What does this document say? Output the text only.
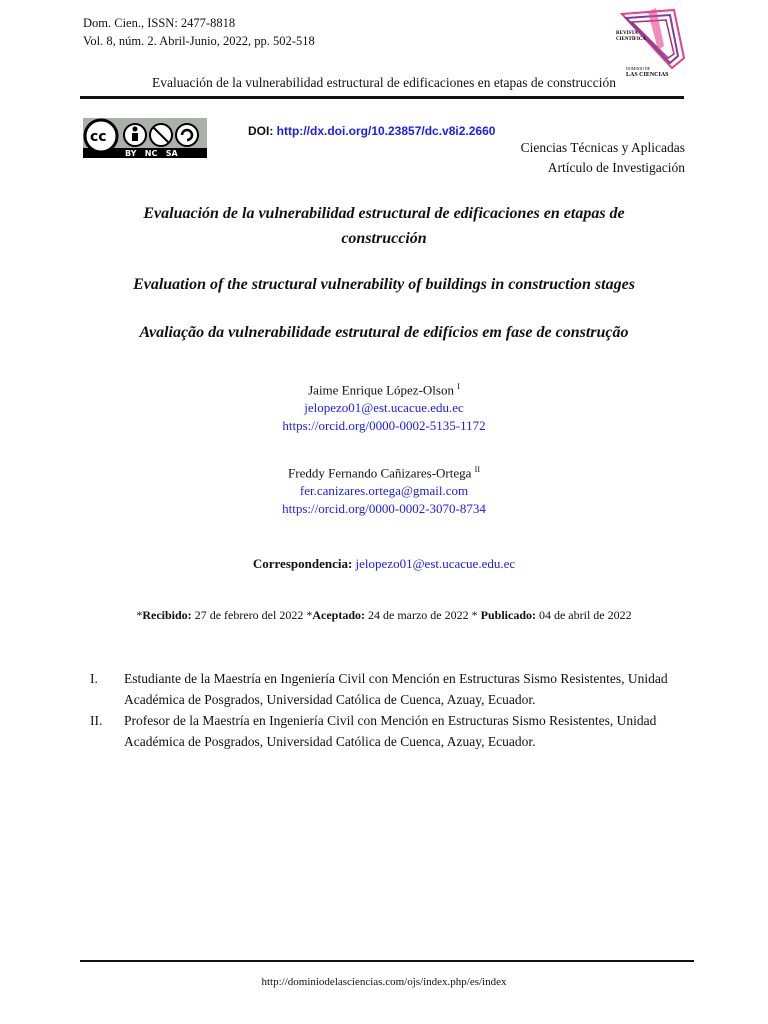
Dom. Cien., ISSN: 2477-8818
Vol. 8, núm. 2. Abril-Junio, 2022, pp. 502-518
REVISTA
CIENTÍFICA
DOMINIO DE
LAS CIENCIAS
Evaluación de la vulnerabilidad estructural de edificaciones en etapas de construcción
cc
BY   NC   SA
DOI: http://dx.doi.org/10.23857/dc.v8i2.2660
Ciencias Técnicas y Aplicadas
Artículo de Investigación
Evaluación de la vulnerabilidad estructural de edificaciones en etapas de construcción
Evaluation of the structural vulnerability of buildings in construction stages
Avaliação da vulnerabilidade estrutural de edifícios em fase de construção
Jaime Enrique López-Olson $^I$
jelopezo01@est.ucacue.edu.ec
https://orcid.org/0000-0002-5135-1172
Freddy Fernando Cañizares-Ortega $^{II}$
fer.canizares.ortega@gmail.com
https://orcid.org/0000-0002-3070-8734
Correspondencia: jelopezo01@est.ucacue.edu.ec
*Recibido: 27 de febrero del 2022 *Aceptado: 24 de marzo de 2022 * Publicado: 04 de abril de 2022
I.	Estudiante de la Maestría en Ingeniería Civil con Mención en Estructuras Sismo Resistentes, Unidad Académica de Posgrados, Universidad Católica de Cuenca, Azuay, Ecuador.
II.	Profesor de la Maestría en Ingeniería Civil con Mención en Estructuras Sismo Resistentes, Unidad Académica de Posgrados, Universidad Católica de Cuenca, Azuay, Ecuador.
http://dominiodelasciencias.com/ojs/index.php/es/index
